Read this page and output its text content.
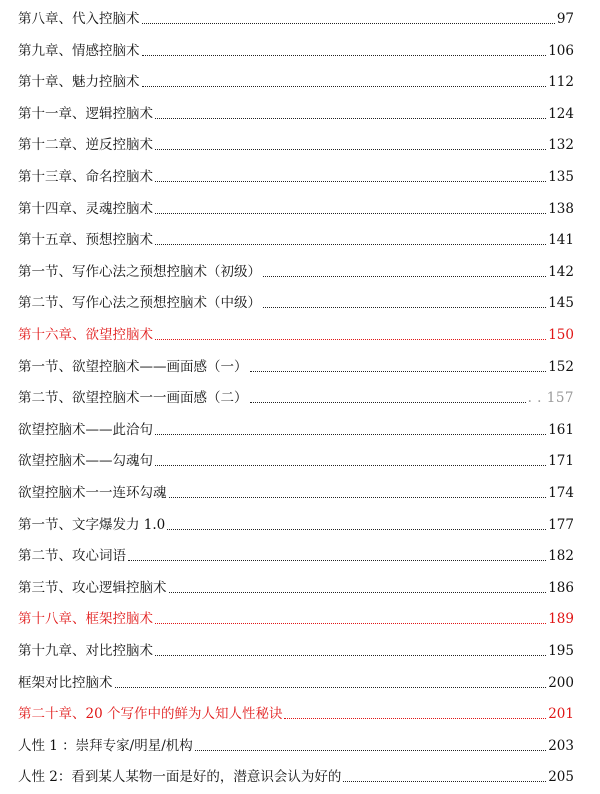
第八章、代入控脑术	97
第九章、情感控脑术	106
第十章、魅力控脑术	112
第十一章、逻辑控脑术	124
第十二章、逆反控脑术	132
第十三章、命名控脑术	135
第十四章、灵魂控脑术	138
第十五章、预想控脑术	141
第一节、写作心法之预想控脑术（初级）	142
第二节、写作心法之预想控脑术（中级）	145
第十六章、欲望控脑术	150
第一节、欲望控脑术——画面感（一）	152
第二节、欲望控脑术一一画面感（二）	. . 157
欲望控脑术——此洽句	161
欲望控脑术——勾魂句	171
欲望控脑术一一连环勾魂	174
第一节、文字爆发力 1.0	177
第二节、攻心词语	182
第三节、攻心逻辑控脑术	186
第十八章、框架控脑术	189
第十九章、对比控脑术	195
框架对比控脑术	200
第二十章、20 个写作中的鲜为人知人性秘诀	201
人性 1 ：崇拜专家/明星/机构	203
人性 2：看到某人某物一面是好的，潜意识会认为好的	205
